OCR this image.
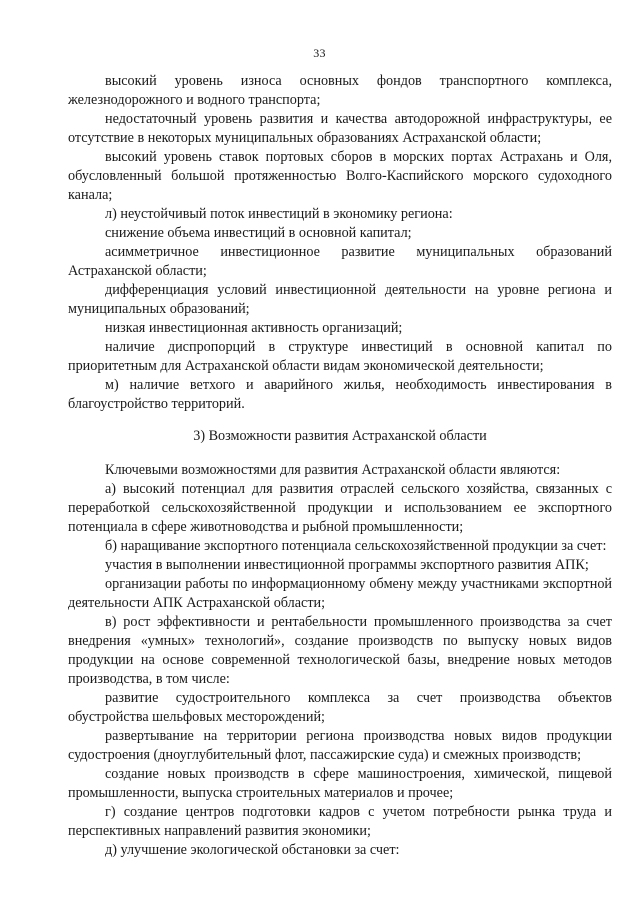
33

высокий уровень износа основных фондов транспортного комплекса, железнодорожного и водного транспорта;

недостаточный уровень развития и качества автодорожной инфраструктуры, ее отсутствие в некоторых муниципальных образованиях Астраханской области;

высокий уровень ставок портовых сборов в морских портах Астрахань и Оля, обусловленный большой протяженностью Волго-Каспийского морского судоходного канала;

л) неустойчивый поток инвестиций в экономику региона:

снижение объема инвестиций в основной капитал;

асимметричное инвестиционное развитие муниципальных образований Астраханской области;

дифференциация условий инвестиционной деятельности на уровне региона и муниципальных образований;

низкая инвестиционная активность организаций;

наличие диспропорций в структуре инвестиций в основной капитал по приоритетным для Астраханской области видам экономической деятельности;

м) наличие ветхого и аварийного жилья, необходимость инвестирования в благоустройство территорий.

3) Возможности развития Астраханской области

Ключевыми возможностями для развития Астраханской области являются:

а) высокий потенциал для развития отраслей сельского хозяйства, связанных с переработкой сельскохозяйственной продукции и использованием ее экспортного потенциала в сфере животноводства и рыбной промышленности;

б) наращивание экспортного потенциала сельскохозяйственной продукции за счет:

участия в выполнении инвестиционной программы экспортного развития АПК;

организации работы по информационному обмену между участниками экспортной деятельности АПК Астраханской области;

в) рост эффективности и рентабельности промышленного производства за счет внедрения «умных» технологий», создание производств по выпуску новых видов продукции на основе современной технологической базы, внедрение новых методов производства, в том числе:

развитие судостроительного комплекса за счет производства объектов обустройства шельфовых месторождений;

развертывание на территории региона производства новых видов продукции судостроения (дноуглубительный флот, пассажирские суда) и смежных производств;

создание новых производств в сфере машиностроения, химической, пищевой промышленности, выпуска строительных материалов и прочее;

г) создание центров подготовки кадров с учетом потребности рынка труда и перспективных направлений развития экономики;

д) улучшение экологической обстановки за счет:
